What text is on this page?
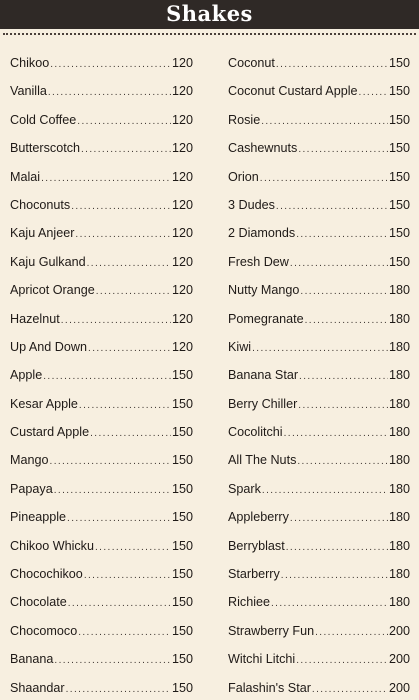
Shakes
Chikoo .....	120
Vanilla .....	120
Cold Coffee .....	120
Butterscotch .....	120
Malai .....	120
Choconuts .....	120
Kaju Anjeer .....	120
Kaju Gulkand .....	120
Apricot Orange .....	120
Hazelnut .....	120
Up And Down .....	120
Apple .....	150
Kesar Apple .....	150
Custard Apple .....	150
Mango .....	150
Papaya .....	150
Pineapple .....	150
Chikoo Whicku .....	150
Chocochikoo .....	150
Chocolate .....	150
Chocomoco .....	150
Banana .....	150
Shaandar .....	150
Coconut .....	150
Coconut Custard Apple ..... 150
Rosie .....	150
Cashewnuts .....	150
Orion .....	150
3 Dudes .....	150
2 Diamonds .....	150
Fresh Dew .....	150
Nutty Mango .....	180
Pomegranate .....	180
Kiwi .....	180
Banana Star .....	180
Berry Chiller .....	180
Cocolitchi .....	180
All The Nuts .....	180
Spark .....	180
Appleberry .....	180
Berryblast .....	180
Starberry .....	180
Richiee .....	180
Strawberry Fun .....	200
Witchi Litchi .....	200
Falashin's Star .....	200
